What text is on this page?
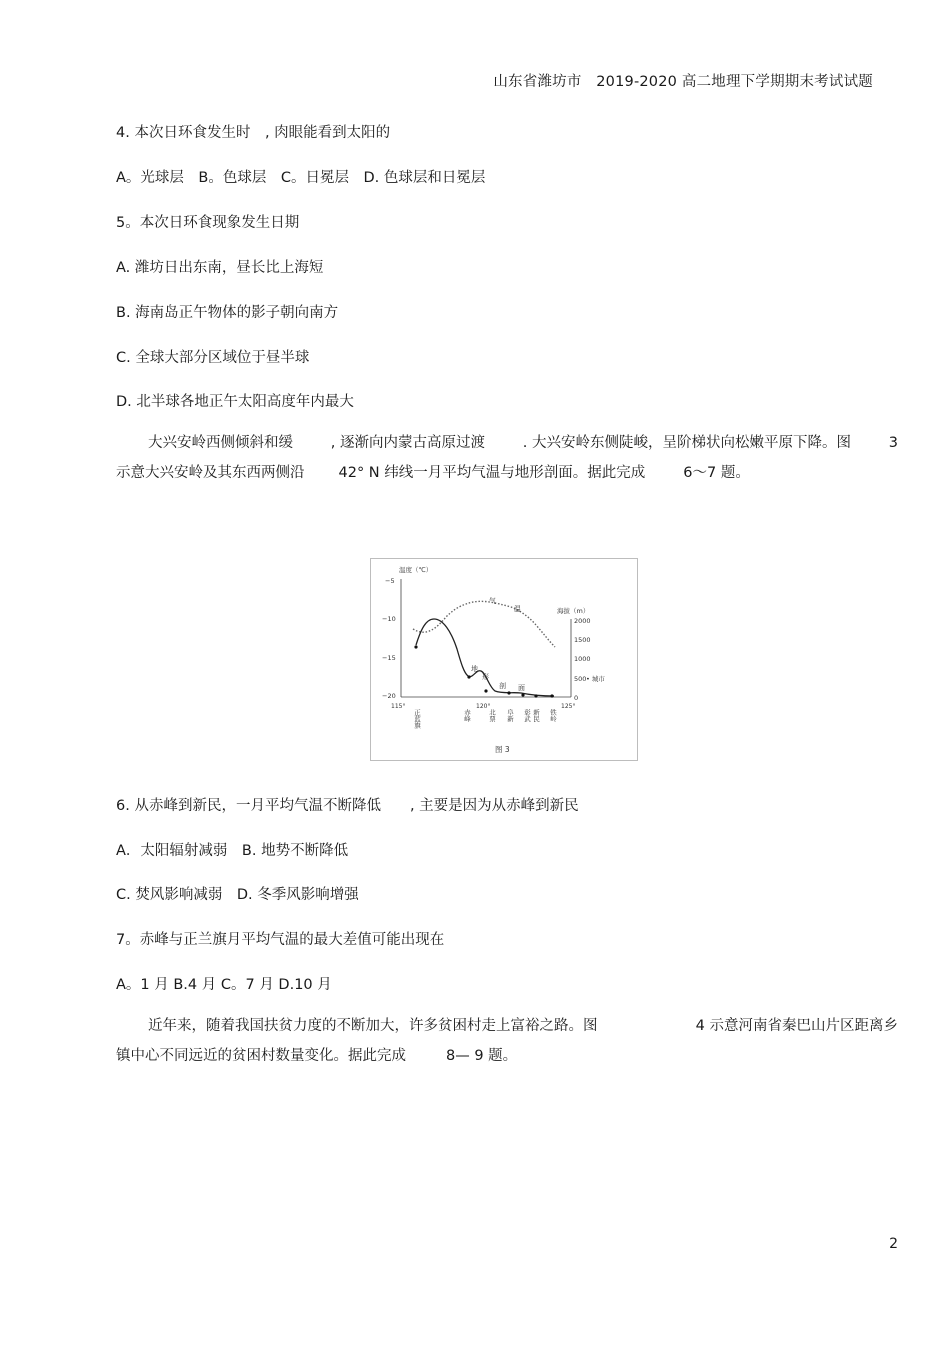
山东省潍坊市　2019-2020 高二地理下学期期末考试试题
4. 本次日环食发生时　, 肉眼能看到太阳的
A。光球层　B。色球层　C。日冕层　D. 色球层和日冕层
5。本次日环食现象发生日期
A. 潍坊日出东南，昼长比上海短
B. 海南岛正午物体的影子朝向南方
C. 全球大部分区域位于昼半球
D. 北半球各地正午太阳高度年内最大
大兴安岭西侧倾斜和缓	, 逐渐向内蒙古高原过渡	. 大兴安岭东侧陡峻，呈阶梯状向松嫩平原下降。图	3
示意大兴安岭及其东西两侧沿 42° N 纬线一月平均气温与地形剖面。据此完成	6～7 题。
温度（℃）
−5
−10
−15
−20
海拔（m）
2000
1500
1000
500
0
气
温
地
形
剖 面
• 城市
115°	120°	125°
正蓝旗	赤峰	北票 阜新 彰武 新民 铁岭
图 3
6. 从赤峰到新民，一月平均气温不断降低　　, 主要是因为从赤峰到新民
A．太阳辐射减弱　B. 地势不断降低
C. 焚风影响减弱　D. 冬季风影响增强
7。赤峰与正兰旗月平均气温的最大差值可能出现在
A。1 月 B.4 月 C。7 月 D.10 月
近年来，随着我国扶贫力度的不断加大，许多贫困村走上富裕之路。图	4 示意河南省秦巴山片区距离乡
镇中心不同远近的贫困村数量变化。据此完成	8— 9 题。
2
